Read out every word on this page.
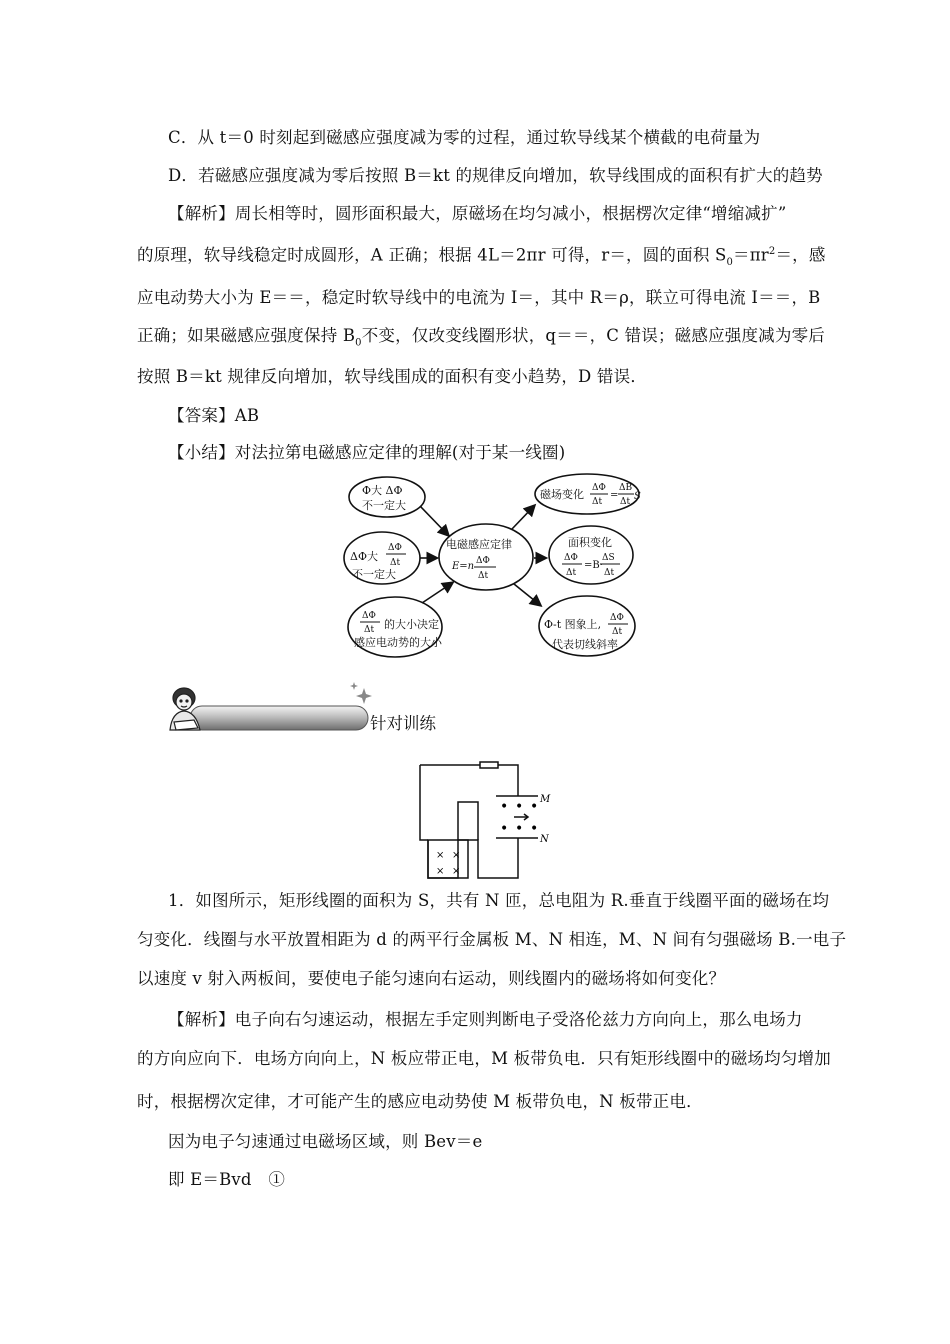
C．从 t＝0 时刻起到磁感应强度减为零的过程，通过软导线某个横截的电荷量为
D．若磁感应强度减为零后按照 B＝kt 的规律反向增加，软导线围成的面积有扩大的趋势
【解析】周长相等时，圆形面积最大，原磁场在均匀减小，根据楞次定律“增缩减扩”
的原理，软导线稳定时成圆形，A 正确；根据 4L＝2πr 可得，r＝，圆的面积 $S_0=\pi r^2=$，感
应电动势大小为 E＝＝，稳定时软导线中的电流为 I＝，其中 R＝ρ，联立可得电流 I＝＝，B
正确；如果磁感应强度保持 $B_0$不变，仅改变线圈形状，q＝＝，C 错误；磁感应强度减为零后
按照 B＝kt 规律反向增加，软导线围成的面积有变小趋势，D 错误．
【答案】AB
【小结】对法拉第电磁感应定律的理解(对于某一线圈)
Φ大 ΔΦ
不一定大
ΔΦ大
ΔΦ
Δt
不一定大
ΔΦ
Δt 的大小决定
感应电动势的大小
电磁感应定律
E=n ΔΦ
Δt
磁场变化 ΔΦ
Δt
=
ΔB
Δt S
面积变化
ΔΦ
Δt
=B·
ΔS
Δt
Φ-t 图象上, ΔΦ
Δt
代表切线斜率
针对训练
× ×
× ×
• • •
• • •
M
N
1．如图所示，矩形线圈的面积为 S，共有 N 匝，总电阻为 R.垂直于线圈平面的磁场在均
匀变化．线圈与水平放置相距为 d 的两平行金属板 M、N 相连，M、N 间有匀强磁场 B.一电子
以速度 v 射入两板间，要使电子能匀速向右运动，则线圈内的磁场将如何变化？
【解析】电子向右匀速运动，根据左手定则判断电子受洛伦兹力方向向上，那么电场力
的方向应向下．电场方向向上，N 板应带正电，M 板带负电．只有矩形线圈中的磁场均匀增加
时，根据楞次定律，才可能产生的感应电动势使 M 板带负电，N 板带正电．
因为电子匀速通过电磁场区域，则 Bev＝e
即 E＝Bvd　①
